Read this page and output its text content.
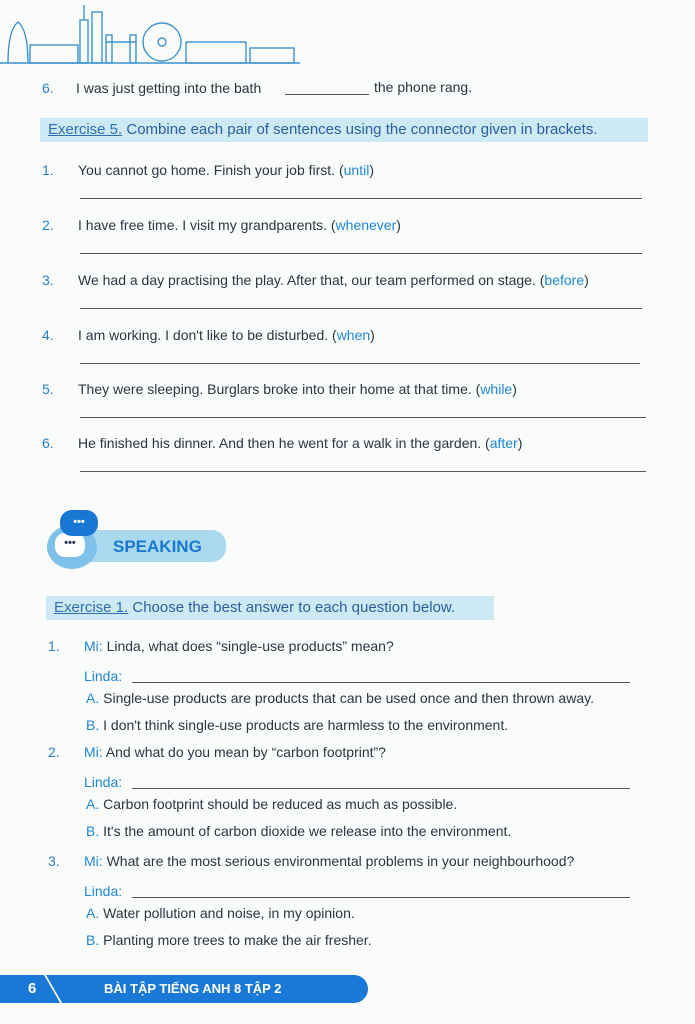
6. I was just getting into the bath	the phone rang.
Exercise 5. Combine each pair of sentences using the connector given in brackets.
1. You cannot go home. Finish your job first. (until)
2. I have free time. I visit my grandparents. (whenever)
3. We had a day practising the play. After that, our team performed on stage. (before)
4. I am working. I don't like to be disturbed. (when)
5. They were sleeping. Burglars broke into their home at that time. (while)
6. He finished his dinner. And then he went for a walk in the garden. (after)
•••
•••
SPEAKING
Exercise 1. Choose the best answer to each question below.
1. Mi: Linda, what does “single-use products” mean?
Linda:
A. Single-use products are products that can be used once and then thrown away.
B. I don't think single-use products are harmless to the environment.
2. Mi: And what do you mean by “carbon footprint”?
Linda:
A. Carbon footprint should be reduced as much as possible.
B. It's the amount of carbon dioxide we release into the environment.
3. Mi: What are the most serious environmental problems in your neighbourhood?
Linda:
A. Water pollution and noise, in my opinion.
B. Planting more trees to make the air fresher.
6	BÀI TẬP TIẾNG ANH 8 TẬP 2
